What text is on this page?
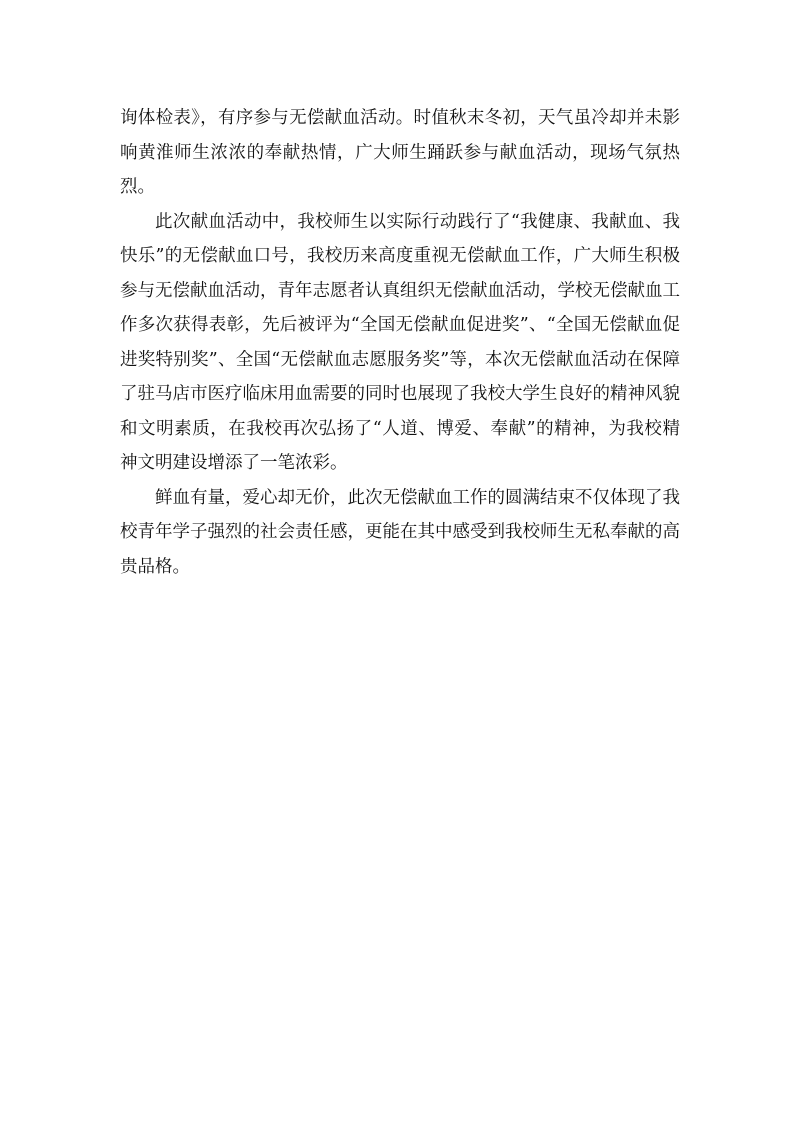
询体检表》，有序参与无偿献血活动。时值秋末冬初，天气虽冷却并未影响黄淮师生浓浓的奉献热情，广大师生踊跃参与献血活动，现场气氛热烈。

此次献血活动中，我校师生以实际行动践行了“我健康、我献血、我快乐”的无偿献血口号，我校历来高度重视无偿献血工作，广大师生积极参与无偿献血活动，青年志愿者认真组织无偿献血活动，学校无偿献血工作多次获得表彰，先后被评为“全国无偿献血促进奖”、“全国无偿献血促进奖特别奖”、全国“无偿献血志愿服务奖”等，本次无偿献血活动在保障了驻马店市医疗临床用血需要的同时也展现了我校大学生良好的精神风貌和文明素质，在我校再次弘扬了“人道、博爱、奉献”的精神，为我校精神文明建设增添了一笔浓彩。

鲜血有量，爱心却无价，此次无偿献血工作的圆满结束不仅体现了我校青年学子强烈的社会责任感，更能在其中感受到我校师生无私奉献的高贵品格。
